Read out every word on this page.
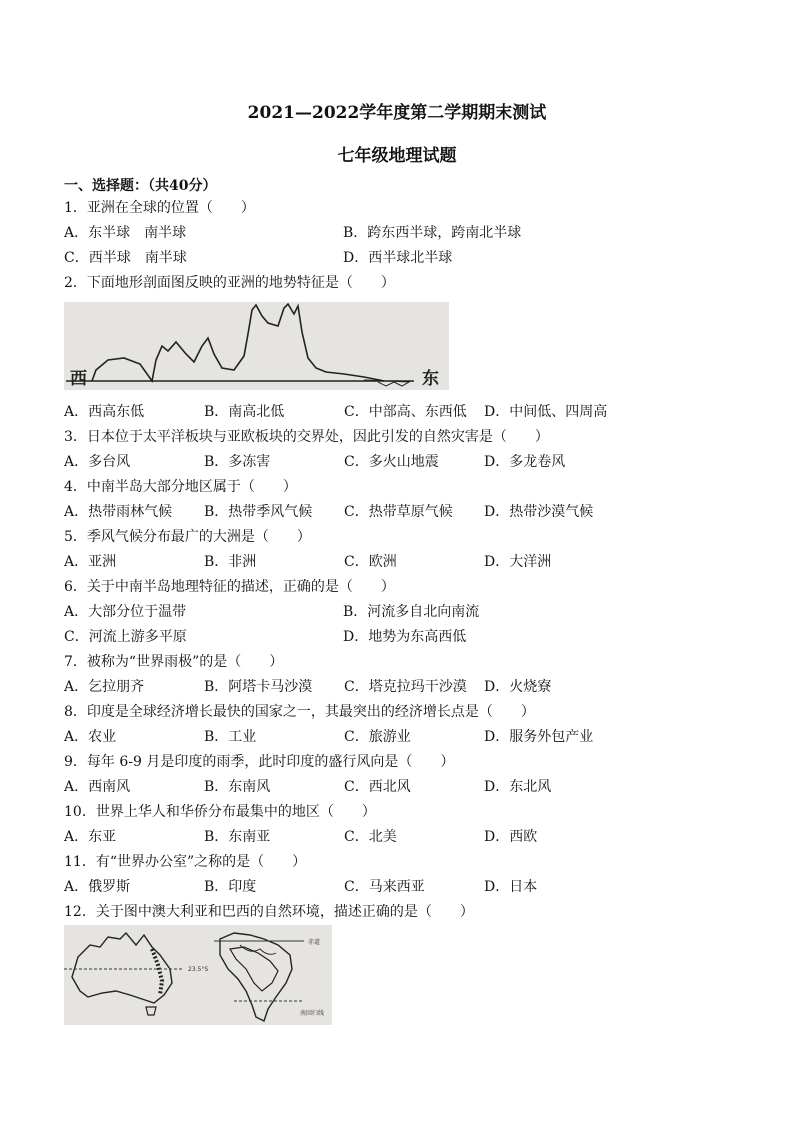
2021—2022学年度第二学期期末测试
七年级地理试题
一、选择题：（共40分）
1．亚洲在全球的位置（　　）
A．东半球　南半球	B．跨东西半球，跨南北半球
C．西半球　南半球	D．西半球北半球
2．下面地形剖面图反映的亚洲的地势特征是（　　）
A．西高东低	B．南高北低	C．中部高、东西低 D．中间低、四周高
3．日本位于太平洋板块与亚欧板块的交界处，因此引发的自然灾害是（　　）
A．多台风	B．多冻害	C．多火山地震	D．多龙卷风
4．中南半岛大部分地区属于（　　）
A．热带雨林气候 B．热带季风气候 C．热带草原气候 D．热带沙漠气候
5．季风气候分布最广的大洲是（　　）
A．亚洲	B．非洲	C．欧洲	D．大洋洲
6．关于中南半岛地理特征的描述，正确的是（　　）
A．大部分位于温带	B．河流多自北向南流
C．河流上游多平原	D．地势为东高西低
7．被称为“世界雨极”的是（　　）
A．乞拉朋齐	B．阿塔卡马沙漠 C．塔克拉玛干沙漠 D．火烧寮
8．印度是全球经济增长最快的国家之一，其最突出的经济增长点是（　　）
A．农业	B．工业	C．旅游业	D．服务外包产业
9．每年 6-9 月是印度的雨季，此时印度的盛行风向是（　　）
A．西南风	B．东南风	C．西北风	D．东北风
10．世界上华人和华侨分布最集中的地区（　　）
A．东亚	B．东南亚	C．北美	D．西欧
11．有“世界办公室”之称的是（　　）
A．俄罗斯	B．印度	C．马来西亚	D．日本
12．关于图中澳大利亚和巴西的自然环境，描述正确的是（　　）
西	东
23.5°S
赤道
南回归线
